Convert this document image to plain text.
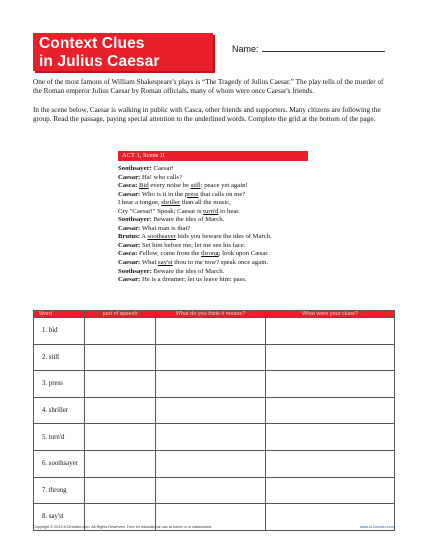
Context Clues
in Julius Caesar
Name:

One of the most famous of William Shakespeare's plays is “The Tragedy of Julius Caesar.” The play tells of the murder of the Roman emperor Julius Caesar by Roman officials, many of whom were once Caesar's friends.

In the scene below, Caesar is walking in public with Casca, other friends and supporters. Many citizens are following the group. Read the passage, paying special attention to the underlined words. Complete the grid at the bottom of the page.

ACT 1, Scene II
Soothsayer: Caesar!
Caesar: Ha! who calls?
Casca: Bid every noise be still: peace yet again!
Caesar: Who is it in the press that calls on me?
I hear a tongue, shriller than all the music,
Cry "Caesar!" Speak; Caesar is turn'd to hear.
Soothsayer: Beware the ides of March.
Caesar: What man is that?
Brutus: A soothsayer bids you beware the ides of March.
Caesar: Set him before me; let me see his face.
Casca: Fellow, come from the throng; look upon Cæsar.
Caesar: What say'st thou to me now? speak once again.
Soothsayer: Beware the ides of March.
Caesar: He is a dreamer; let us leave him: pass.
Word	part of speech	What do you think it means?	What were your clues?
1. bid			
2. still			
3. press			
4. shriller			
5. turn'd			
6. soothsayer			
7. throng			
8. say'st			
Copyright © 2013 K12reader.com. All Rights Reserved. Free for educational use at home or in classrooms.	www.k12reader.com
